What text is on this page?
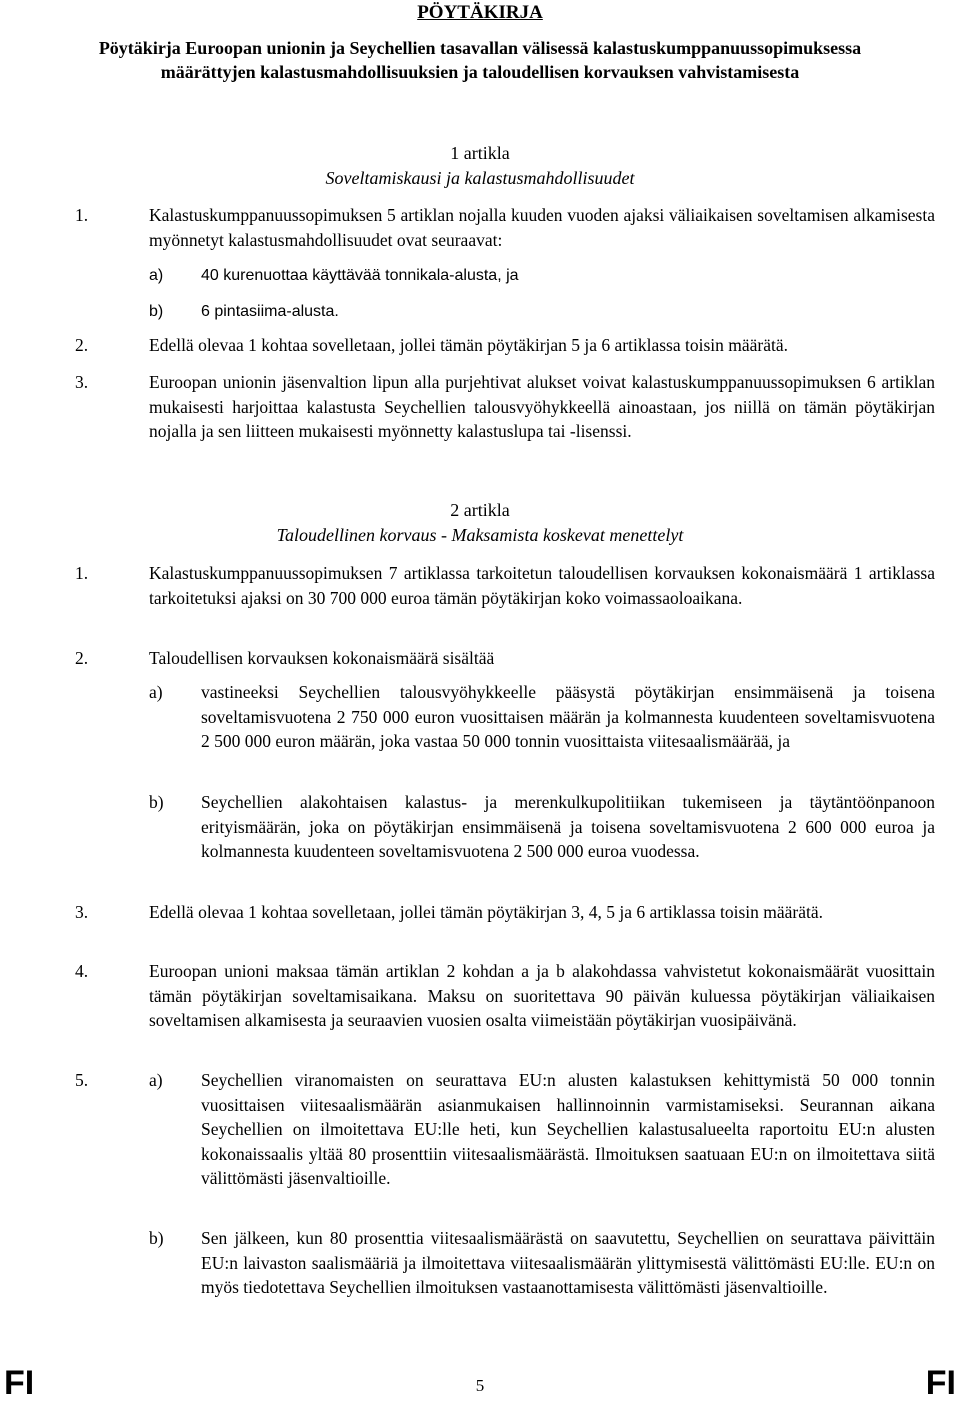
PÖYTÄKIRJA
Pöytäkirja Euroopan unionin ja Seychellien tasavallan välisessä kalastuskumppanuussopimuksessa määrättyjen kalastusmahdollisuuksien ja taloudellisen korvauksen vahvistamisesta
1 artikla
Soveltamiskausi ja kalastusmahdollisuudet
1.	Kalastuskumppanuussopimuksen 5 artiklan nojalla kuuden vuoden ajaksi väliaikaisen soveltamisen alkamisesta myönnetyt kalastusmahdollisuudet ovat seuraavat:
a) 40 kurenuottaa käyttävää tonnikala-alusta, ja
b) 6 pintasiima-alusta.
2.	Edellä olevaa 1 kohtaa sovelletaan, jollei tämän pöytäkirjan 5 ja 6 artiklassa toisin määrätä.
3.	Euroopan unionin jäsenvaltion lipun alla purjehtivat alukset voivat kalastuskumppanuussopimuksen 6 artiklan mukaisesti harjoittaa kalastusta Seychellien talousvyöhykkeellä ainoastaan, jos niillä on tämän pöytäkirjan nojalla ja sen liitteen mukaisesti myönnetty kalastuslupa tai -lisenssi.
2 artikla
Taloudellinen korvaus - Maksamista koskevat menettelyt
1.	Kalastuskumppanuussopimuksen 7 artiklassa tarkoitetun taloudellisen korvauksen kokonaismäärä 1 artiklassa tarkoitetuksi ajaksi on 30 700 000 euroa tämän pöytäkirjan koko voimassaoloaikana.
2.	Taloudellisen korvauksen kokonaismäärä sisältää
a) vastineeksi Seychellien talousvyöhykkeelle pääsystä pöytäkirjan ensimmäisenä ja toisena soveltamisvuotena 2 750 000 euron vuosittaisen määrän ja kolmannesta kuudenteen soveltamisvuotena 2 500 000 euron määrän, joka vastaa 50 000 tonnin vuosittaista viitesaalismäärää, ja
b) Seychellien alakohtaisen kalastus- ja merenkulkupolitiikan tukemiseen ja täytäntöönpanoon erityismäärän, joka on pöytäkirjan ensimmäisenä ja toisena soveltamisvuotena 2 600 000 euroa ja kolmannesta kuudenteen soveltamisvuotena 2 500 000 euroa vuodessa.
3.	Edellä olevaa 1 kohtaa sovelletaan, jollei tämän pöytäkirjan 3, 4, 5 ja 6 artiklassa toisin määrätä.
4.	Euroopan unioni maksaa tämän artiklan 2 kohdan a ja b alakohdassa vahvistetut kokonaismäärät vuosittain tämän pöytäkirjan soveltamisaikana. Maksu on suoritettava 90 päivän kuluessa pöytäkirjan väliaikaisen soveltamisen alkamisesta ja seuraavien vuosien osalta viimeistään pöytäkirjan vuosipäivänä.
5.	a) Seychellien viranomaisten on seurattava EU:n alusten kalastuksen kehittymistä 50 000 tonnin vuosittaisen viitesaalismäärän asianmukaisen hallinnoinnin varmistamiseksi. Seurannan aikana Seychellien on ilmoitettava EU:lle heti, kun Seychellien kalastusalueelta raportoitu EU:n alusten kokonaissaalis yltää 80 prosenttiin viitesaalismäärästä. Ilmoituksen saatuaan EU:n on ilmoitettava siitä välittömästi jäsenvaltioille.
b) Sen jälkeen, kun 80 prosenttia viitesaalismäärästä on saavutettu, Seychellien on seurattava päivittäin EU:n laivaston saalismääriä ja ilmoitettava viitesaalismäärän ylittymisestä välittömästi EU:lle. EU:n on myös tiedotettava Seychellien ilmoituksen vastaanottamisesta välittömästi jäsenvaltioille.
FI	5	FI
